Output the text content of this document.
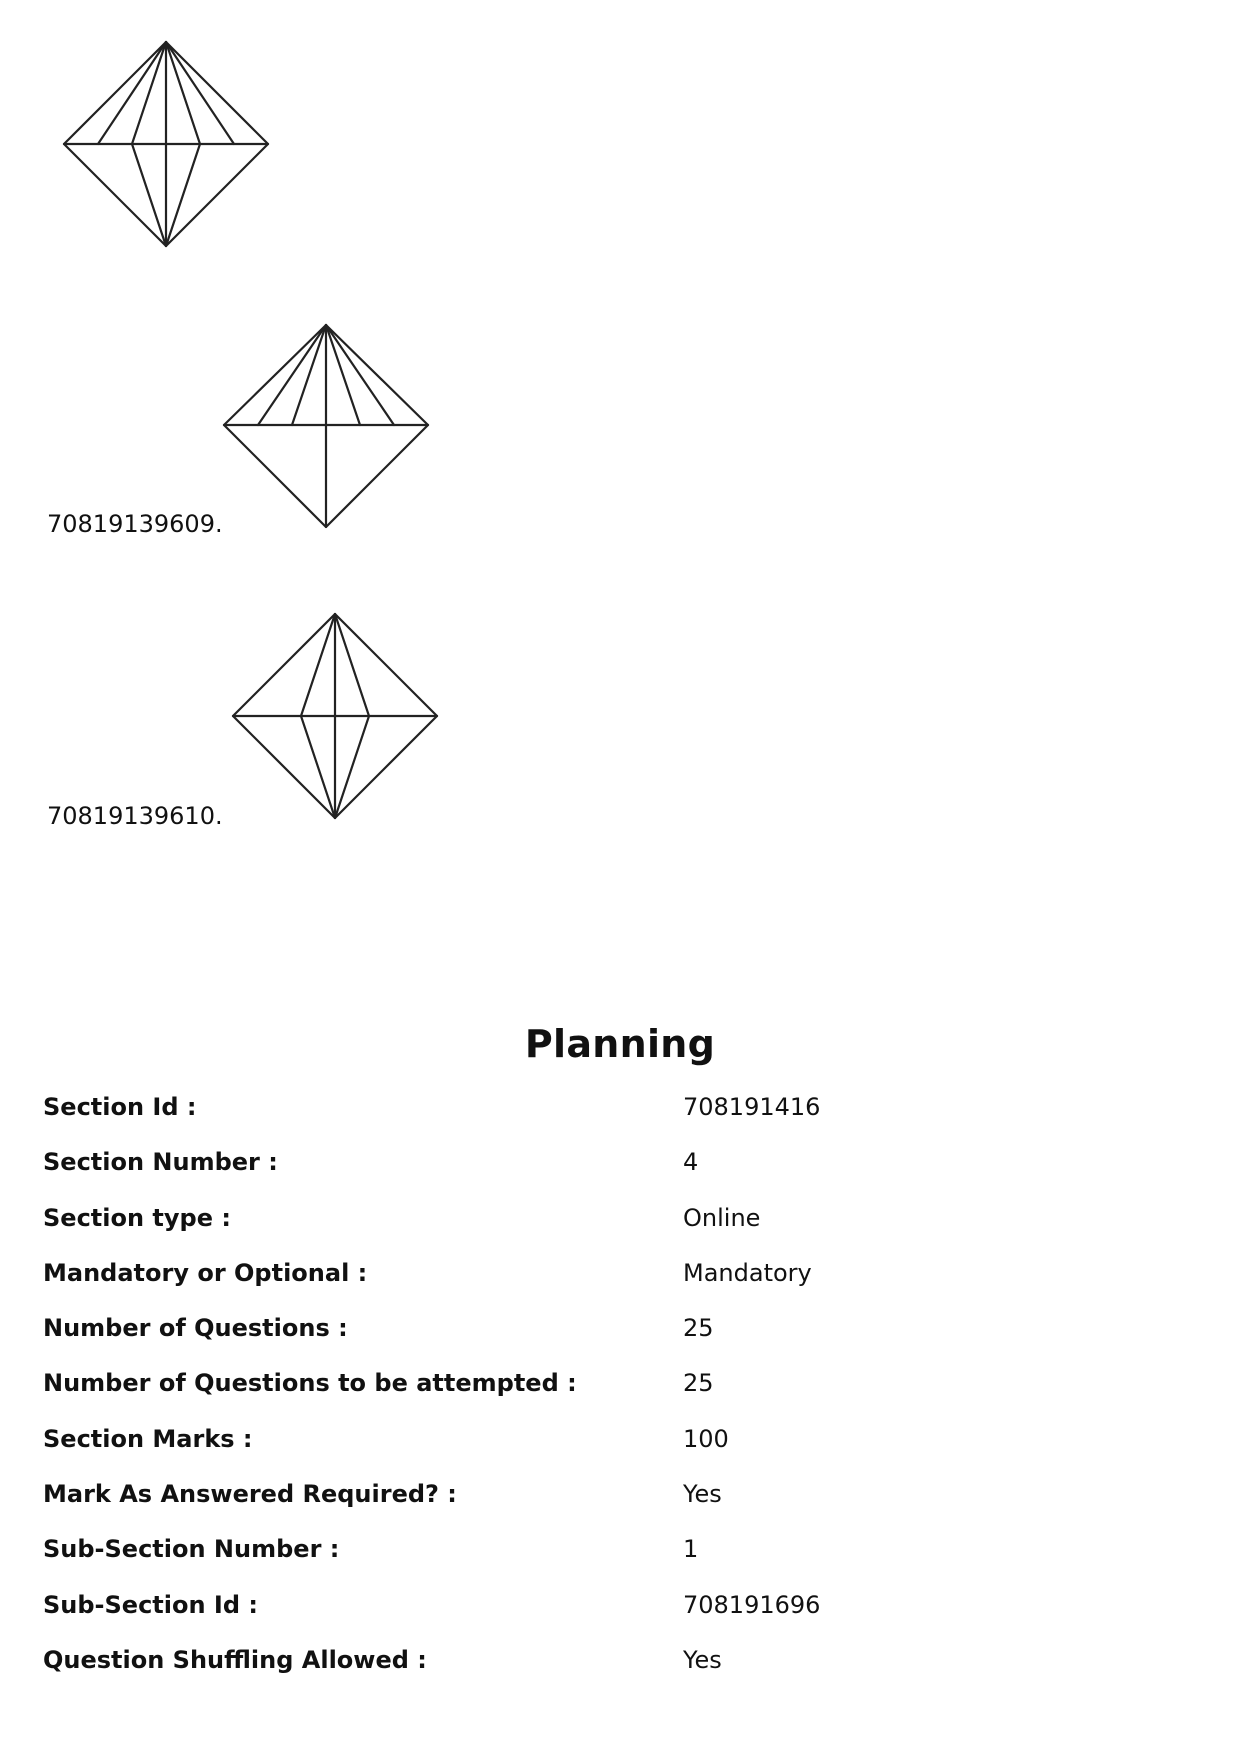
70819139609.
70819139610.
Planning
Section Id :	708191416
Section Number :	4
Section type :	Online
Mandatory or Optional :	Mandatory
Number of Questions :	25
Number of Questions to be attempted :	25
Section Marks :	100
Mark As Answered Required? :	Yes
Sub-Section Number :	1
Sub-Section Id :	708191696
Question Shuffling Allowed :	Yes
